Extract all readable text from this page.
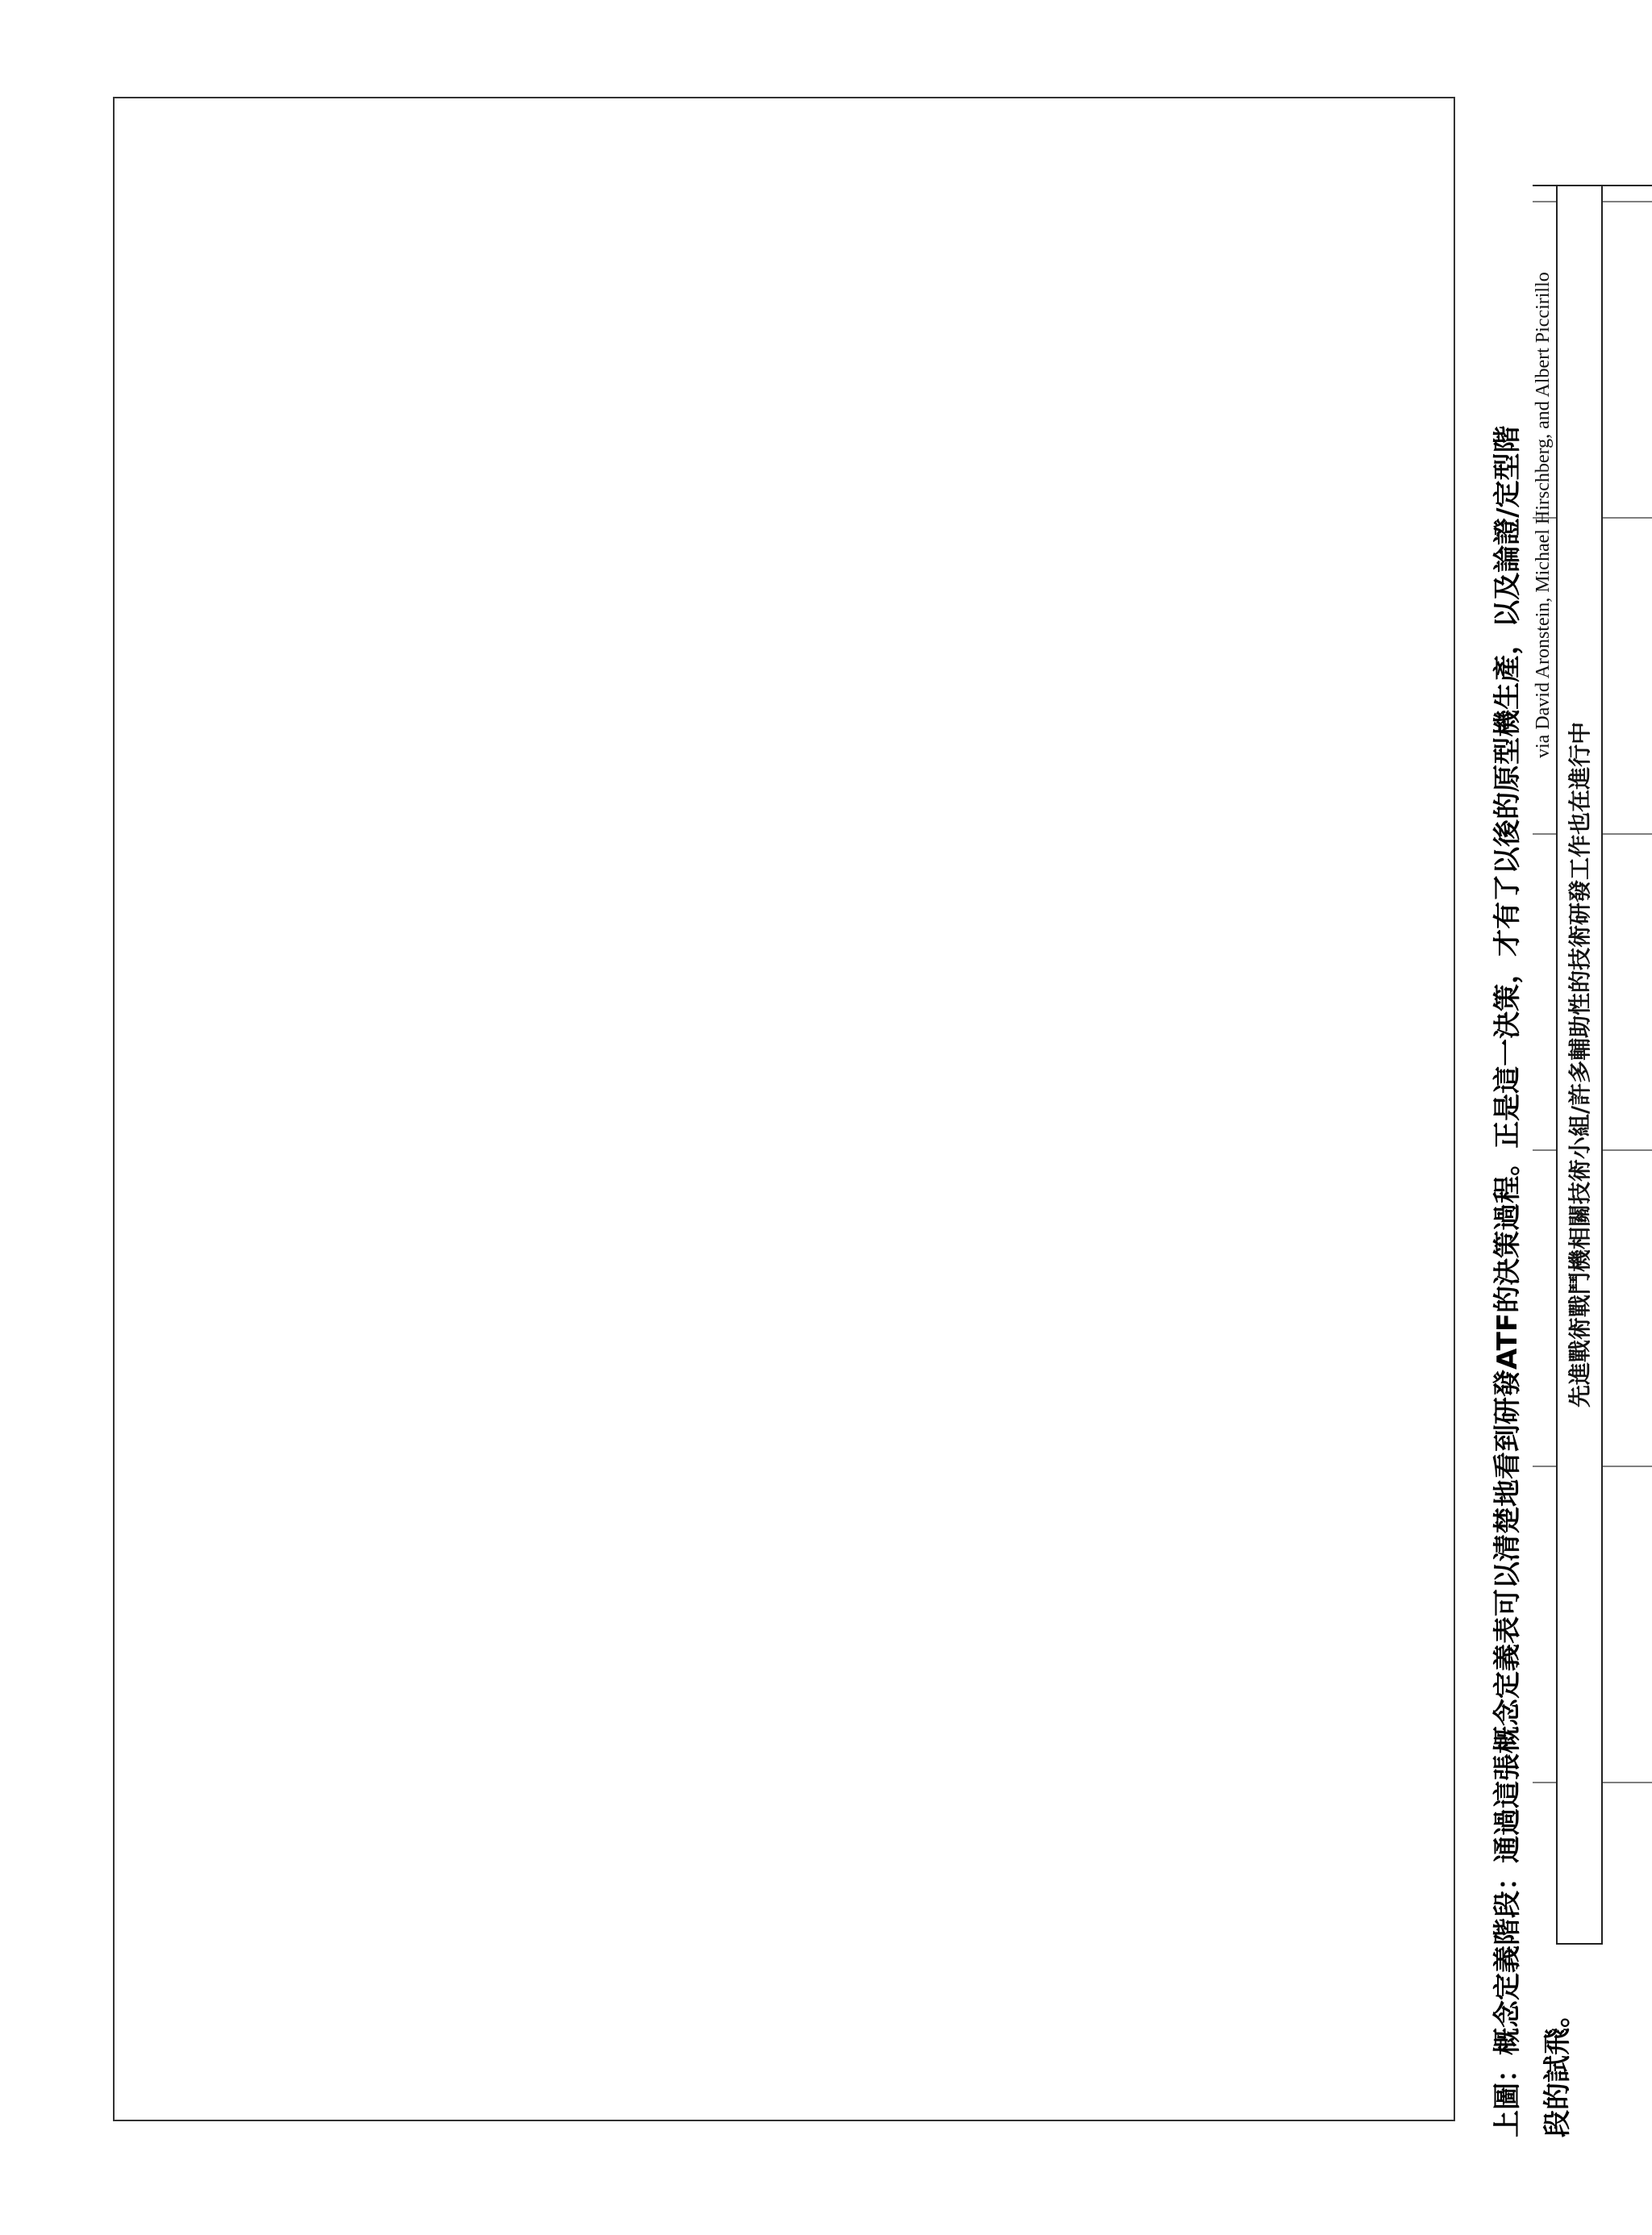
先進戰術戰鬥機相關技術小組/許多輔助性的技術研發工作也在進行中
via David Aronstein, Michael Hirschberg, and Albert Piccirillo
上圖：概念定義階段：通過這張概念定義表可以清楚地看到研發ATF的決策過程。正是這一決策，才有了以後的原型機生產，以及論證/定型階 段的試飛。
